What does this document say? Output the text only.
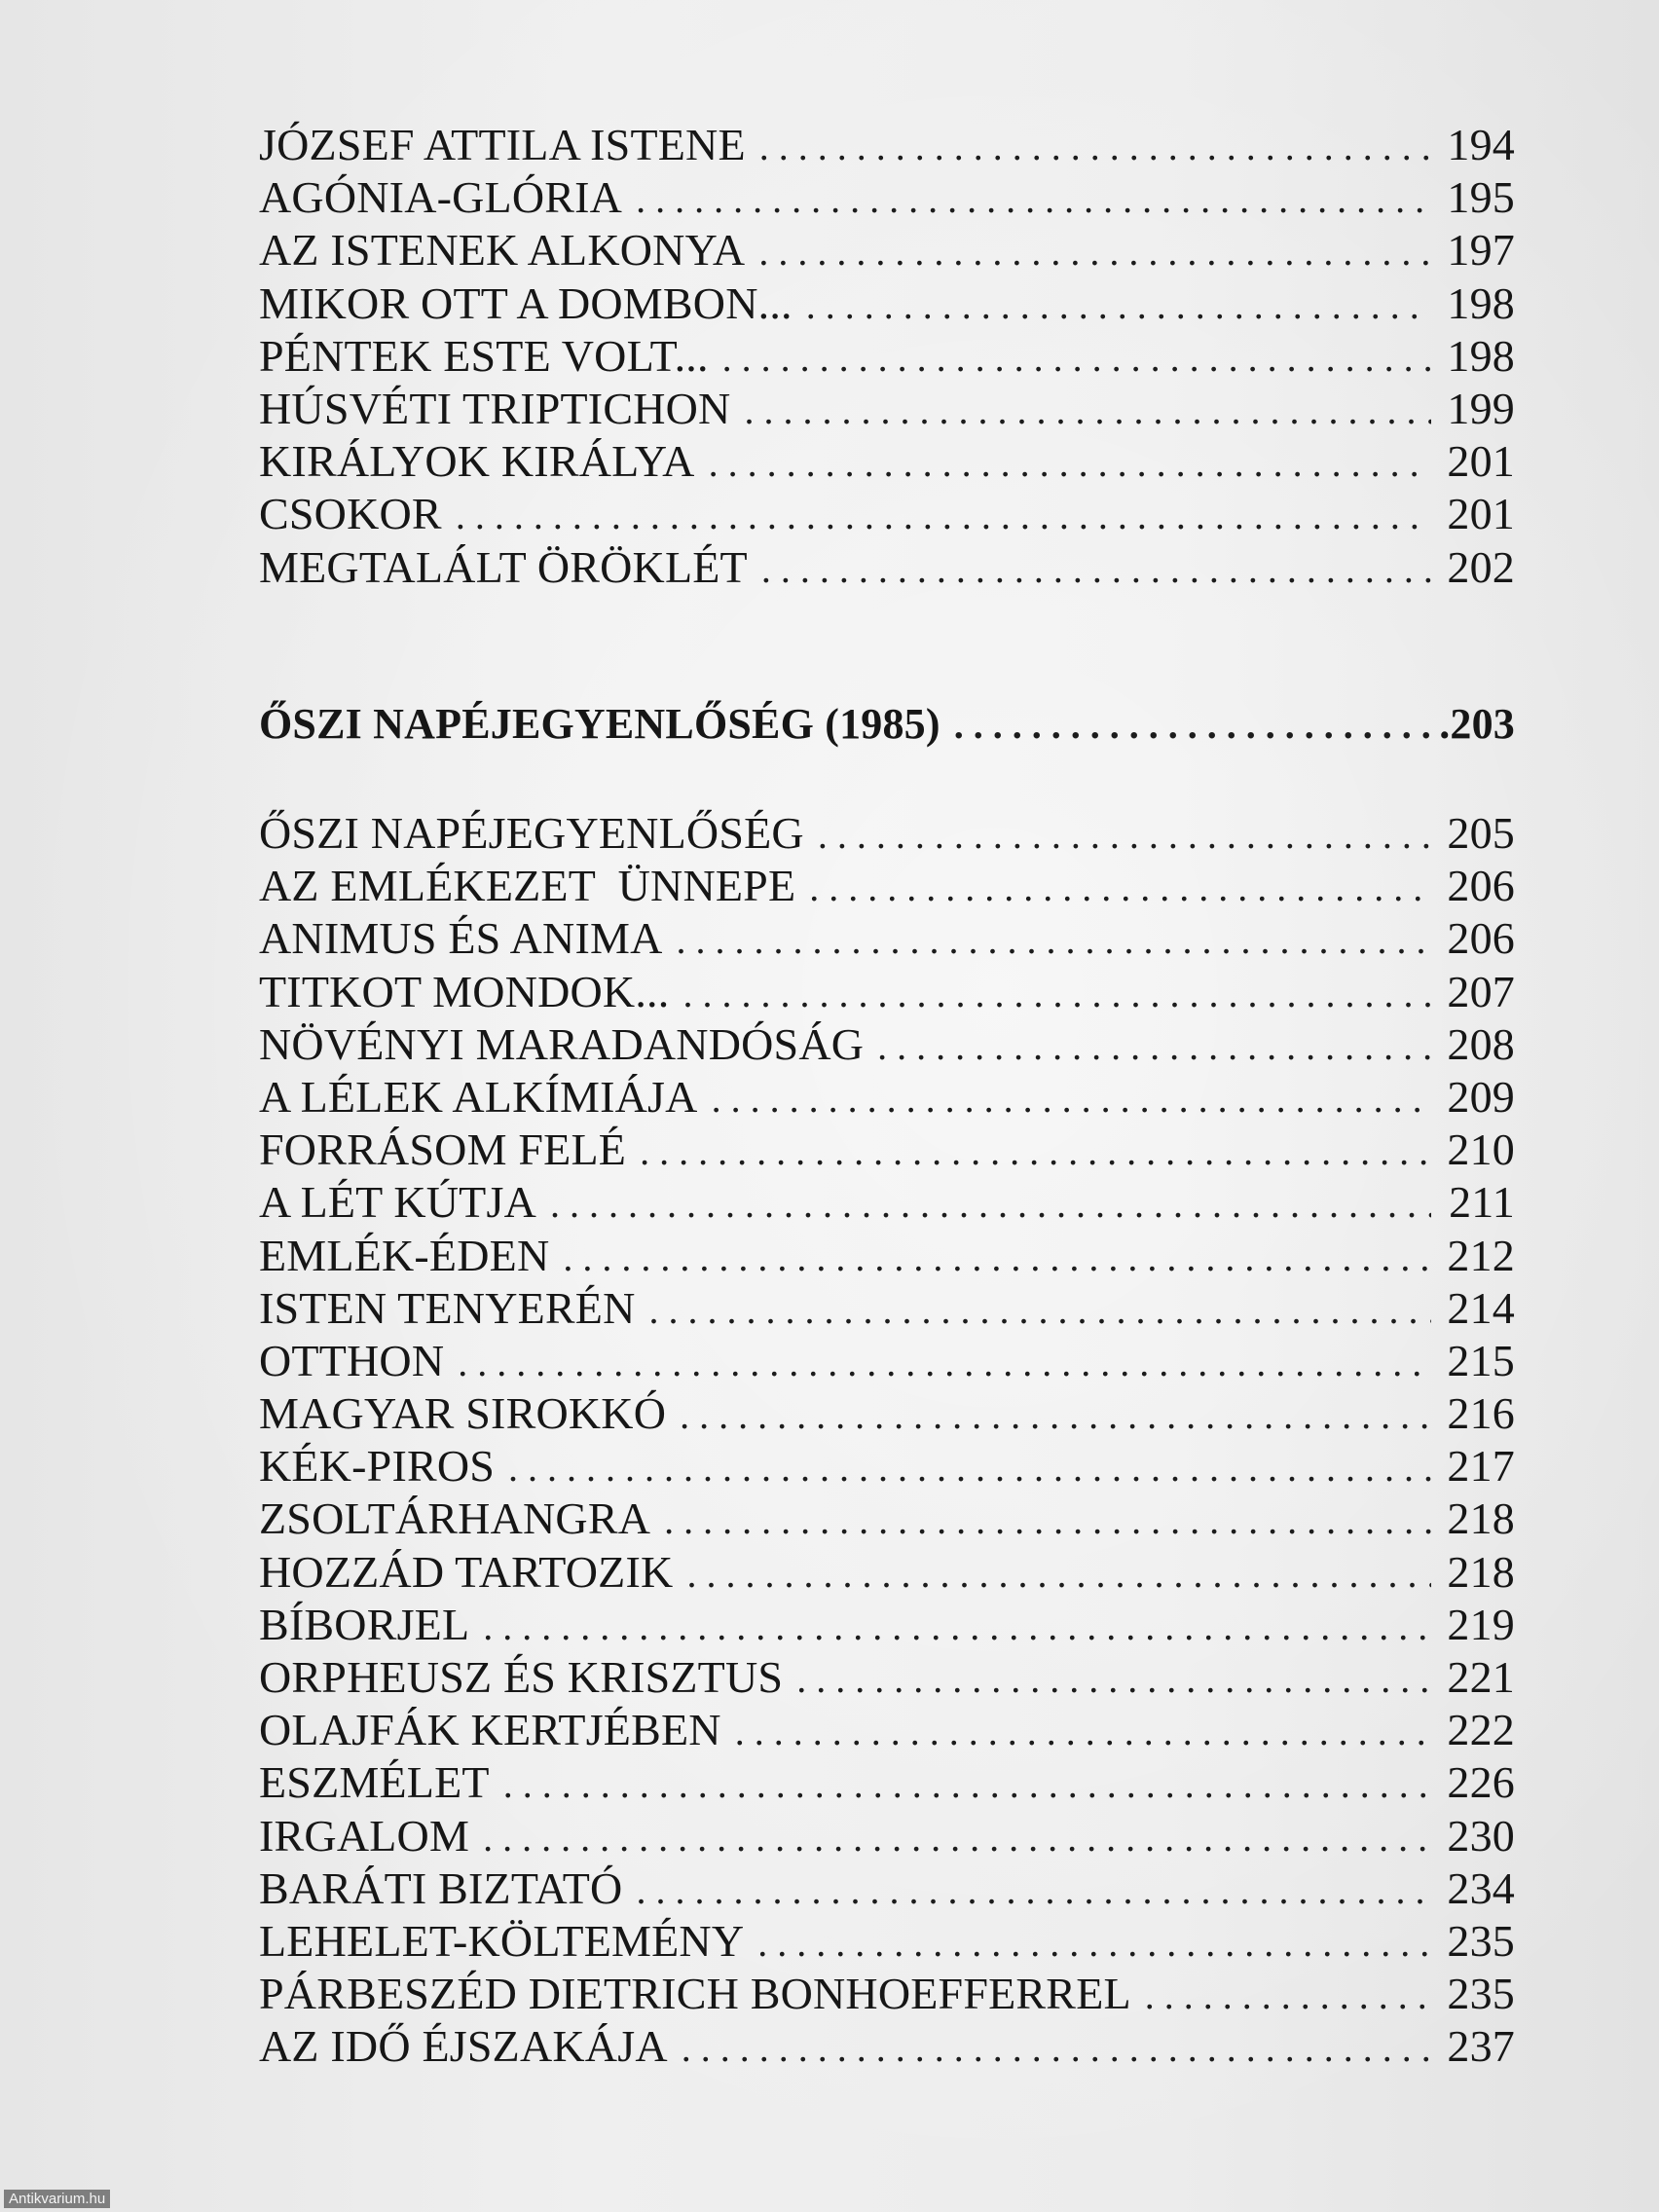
JÓZSEF ATTILA ISTENE . . .	194
AGÓNIA-GLÓRIA . . .	195
AZ ISTENEK ALKONYA . . .	197
MIKOR OTT A DOMBON... . . .	198
PÉNTEK ESTE VOLT... . . .	198
HÚSVÉTI TRIPTICHON . . .	199
KIRÁLYOK KIRÁLYA . . .	201
CSOKOR . . .	201
MEGTALÁLT ÖRÖKLÉT . . .	202
ŐSZI NAPÉJEGYENLŐSÉG (1985) . . .	.203
ŐSZI NAPÉJEGYENLŐSÉG . . .	205
AZ EMLÉKEZET  ÜNNEPE . . .	206
ANIMUS ÉS ANIMA . . .	206
TITKOT MONDOK... . . .	207
NÖVÉNYI MARADANDÓSÁG . . .	208
A LÉLEK ALKÍMIÁJA . . .	209
FORRÁSOM FELÉ . . .	210
A LÉT KÚTJA . . .	211
EMLÉK-ÉDEN . . .	212
ISTEN TENYERÉN . . .	214
OTTHON . . .	215
MAGYAR SIROKKÓ . . .	216
KÉK-PIROS . . .	217
ZSOLTÁRHANGRA . . .	218
HOZZÁD TARTOZIK . . .	218
BÍBORJEL . . .	219
ORPHEUSZ ÉS KRISZTUS . . .	221
OLAJFÁK KERTJÉBEN . . .	222
ESZMÉLET . . .	226
IRGALOM . . .	230
BARÁTI BIZTATÓ . . .	234
LEHELET-KÖLTEMÉNY . . .	235
PÁRBESZÉD DIETRICH BONHOEFFERREL . . .	235
AZ IDŐ ÉJSZAKÁJA . . .	237
Antikvarium.hu
